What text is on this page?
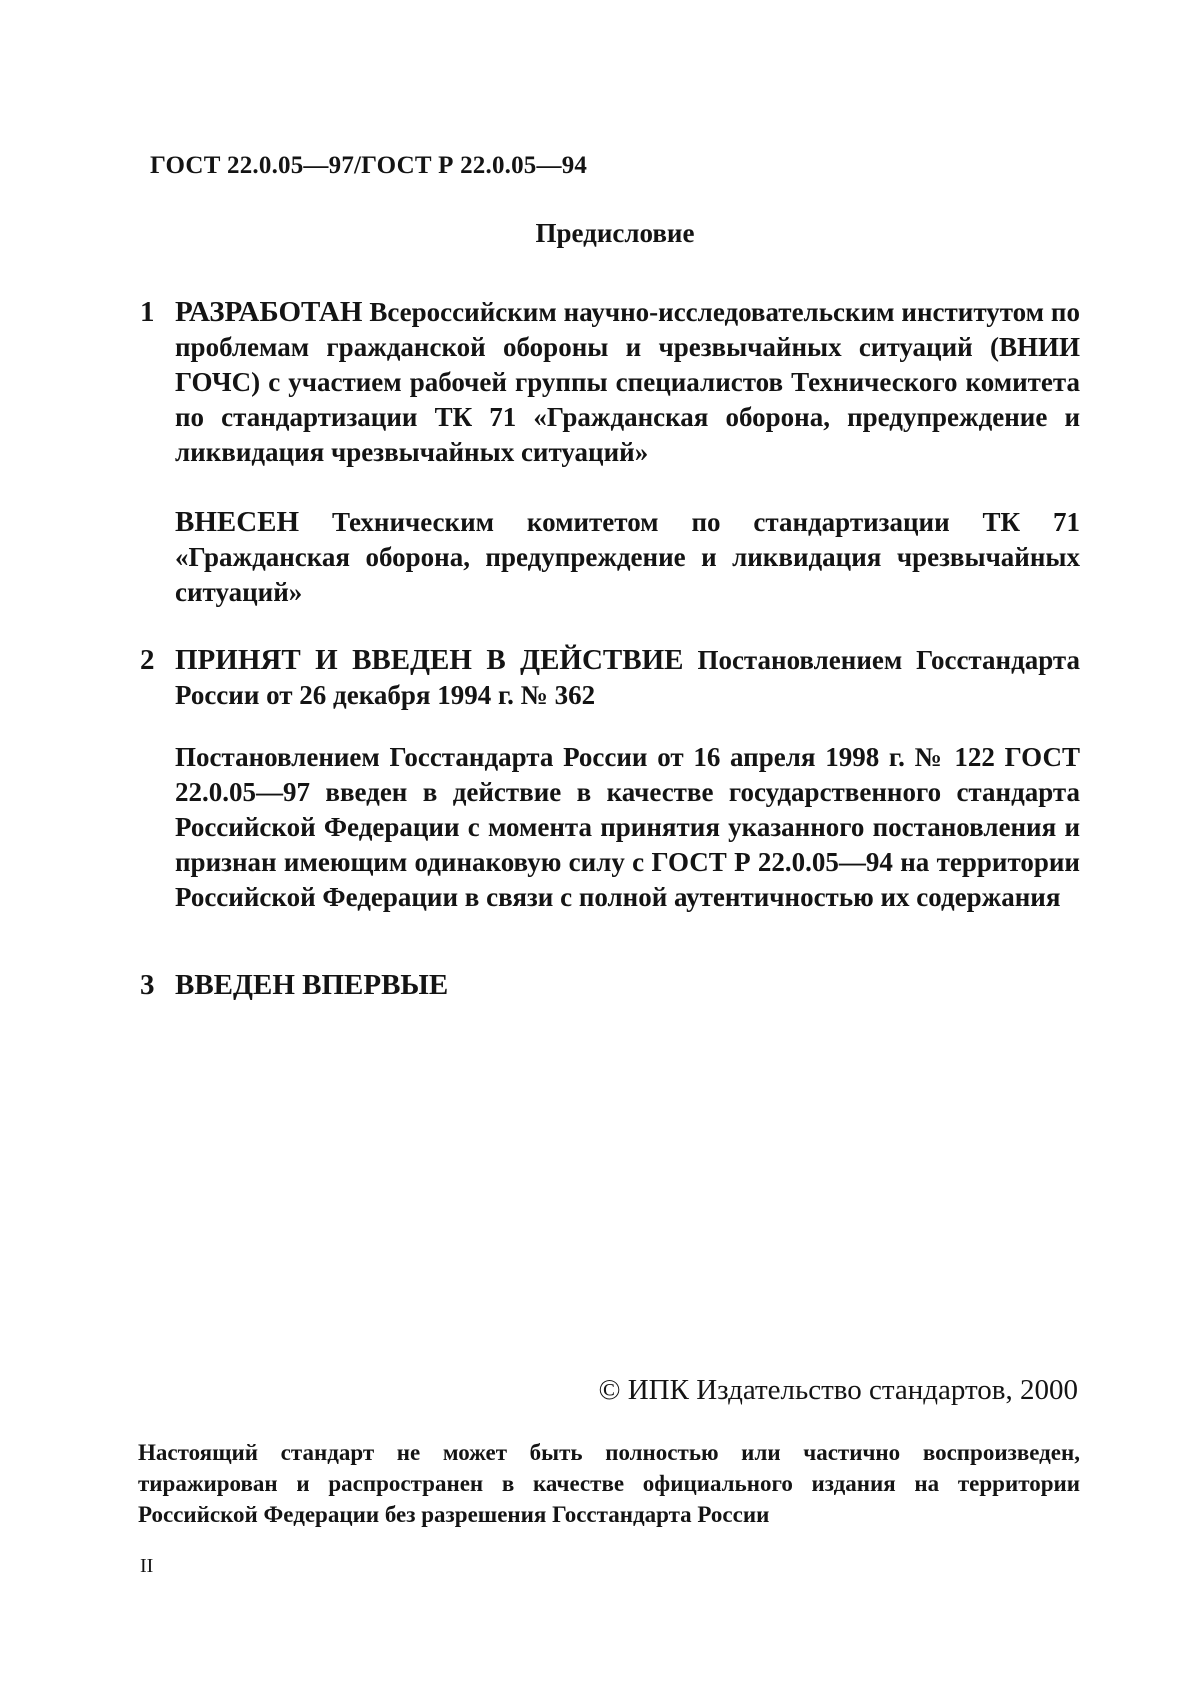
ГОСТ 22.0.05—97/ГОСТ Р 22.0.05—94
Предисловие
1 РАЗРАБОТАН Всероссийским научно-исследовательским институтом по проблемам гражданской обороны и чрезвычайных ситуаций (ВНИИ ГОЧС) с участием рабочей группы специалистов Технического комитета по стандартизации ТК 71 «Гражданская оборона, предупреждение и ликвидация чрезвычайных ситуаций»
ВНЕСЕН Техническим комитетом по стандартизации ТК 71 «Гражданская оборона, предупреждение и ликвидация чрезвычайных ситуаций»
2 ПРИНЯТ И ВВЕДЕН В ДЕЙСТВИЕ Постановлением Госстандарта России от 26 декабря 1994 г. № 362
Постановлением Госстандарта России от 16 апреля 1998 г. № 122 ГОСТ 22.0.05—97 введен в действие в качестве государственного стандарта Российской Федерации с момента принятия указанного постановления и признан имеющим одинаковую силу с ГОСТ Р 22.0.05—94 на территории Российской Федерации в связи с полной аутентичностью их содержания
3 ВВЕДЕН ВПЕРВЫЕ
© ИПК Издательство стандартов, 2000
Настоящий стандарт не может быть полностью или частично воспроизведен, тиражирован и распространен в качестве официального издания на территории Российской Федерации без разрешения Госстандарта России
II
